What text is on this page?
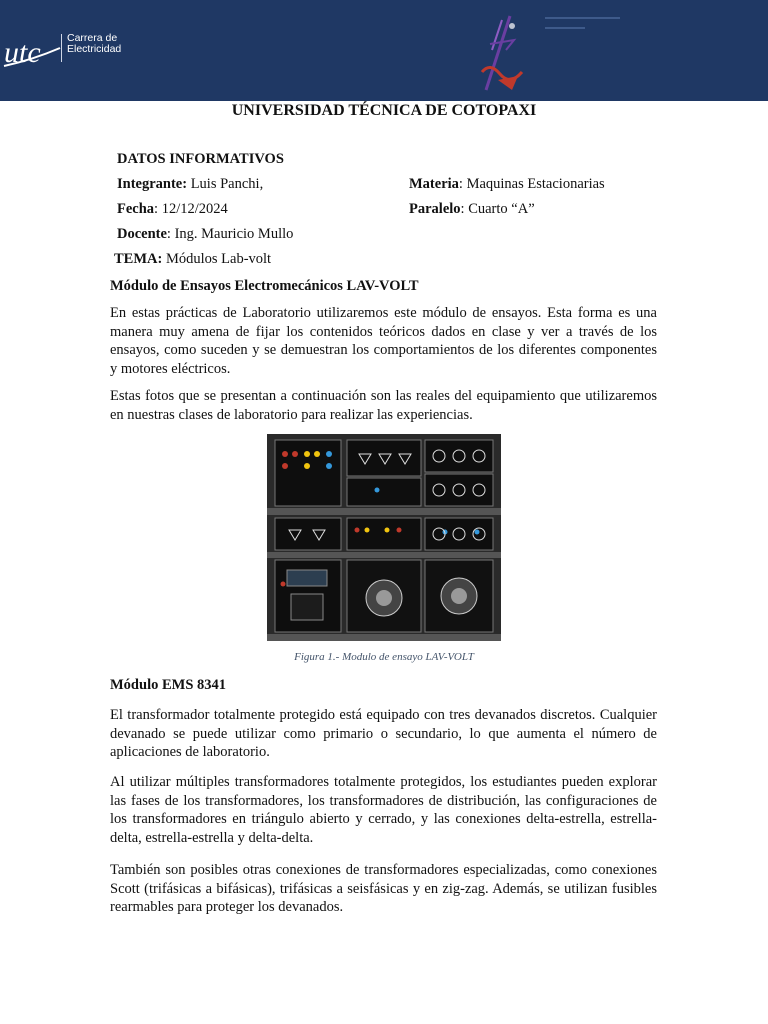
utc	Carrera de
Electricidad
UNIVERSIDAD TÉCNICA DE COTOPAXI
DATOS INFORMATIVOS
Integrante: Luis Panchi,	Materia: Maquinas Estacionarias
Fecha: 12/12/2024	Paralelo: Cuarto “A”
Docente: Ing. Mauricio Mullo
TEMA: Módulos Lab-volt
Módulo de Ensayos Electromecánicos LAV-VOLT

En estas prácticas de Laboratorio utilizaremos este módulo de ensayos. Esta forma es una manera muy amena de fijar los contenidos teóricos dados en clase y ver a través de los ensayos, como suceden y se demuestran los comportamientos de los diferentes componentes y motores eléctricos.

Estas fotos que se presentan a continuación son las reales del equipamiento que utilizaremos en nuestras clases de laboratorio para realizar las experiencias.

Figura 1.- Modulo de ensayo LAV-VOLT
Módulo EMS 8341

El transformador totalmente protegido está equipado con tres devanados discretos. Cualquier devanado se puede utilizar como primario o secundario, lo que aumenta el número de aplicaciones de laboratorio.

Al utilizar múltiples transformadores totalmente protegidos, los estudiantes pueden explorar las fases de los transformadores, los transformadores de distribución, las configuraciones de los transformadores en triángulo abierto y cerrado, y las conexiones delta-estrella, estrella-delta, estrella-estrella y delta-delta.

También son posibles otras conexiones de transformadores especializadas, como conexiones Scott (trifásicas a bifásicas), trifásicas a seisfásicas y en zig-zag. Además, se utilizan fusibles rearmables para proteger los devanados.
